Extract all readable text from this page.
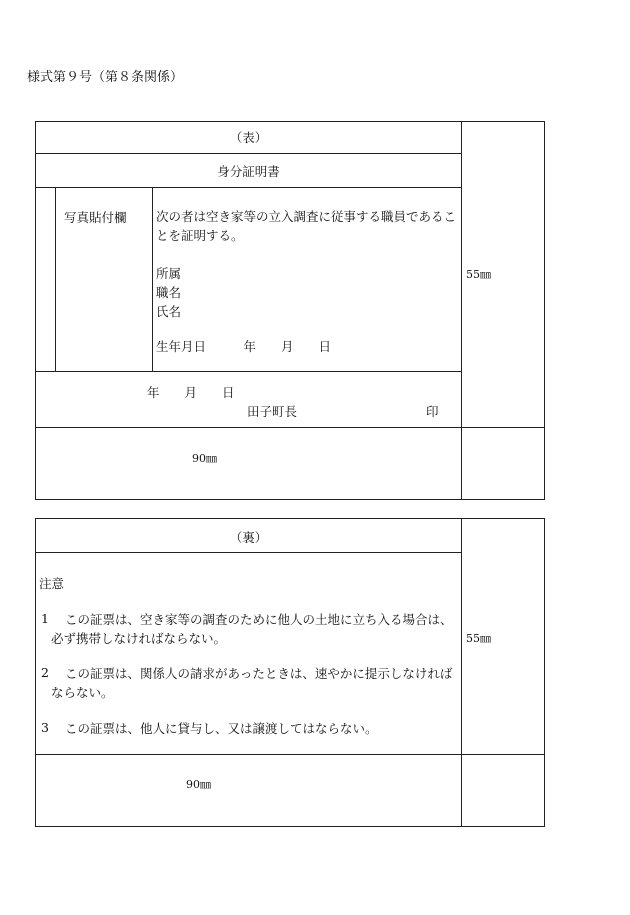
様式第９号（第８条関係）
（表）
身分証明書
写真貼付欄 次の者は空き家等の立入調査に従事する職員であることを証明する。
所属
職名
氏名
生年月日　　　年　　月　　日
年　　月　　日
田子町長	印
55㎜
90㎜
（裏）
注意
1	この証票は、空き家等の調査のために他人の土地に立ち入る場合は、必ず携帯しなければならない。
2	この証票は、関係人の請求があったときは、速やかに提示しなければならない。
3	この証票は、他人に貸与し、又は譲渡してはならない。
55㎜
90㎜
